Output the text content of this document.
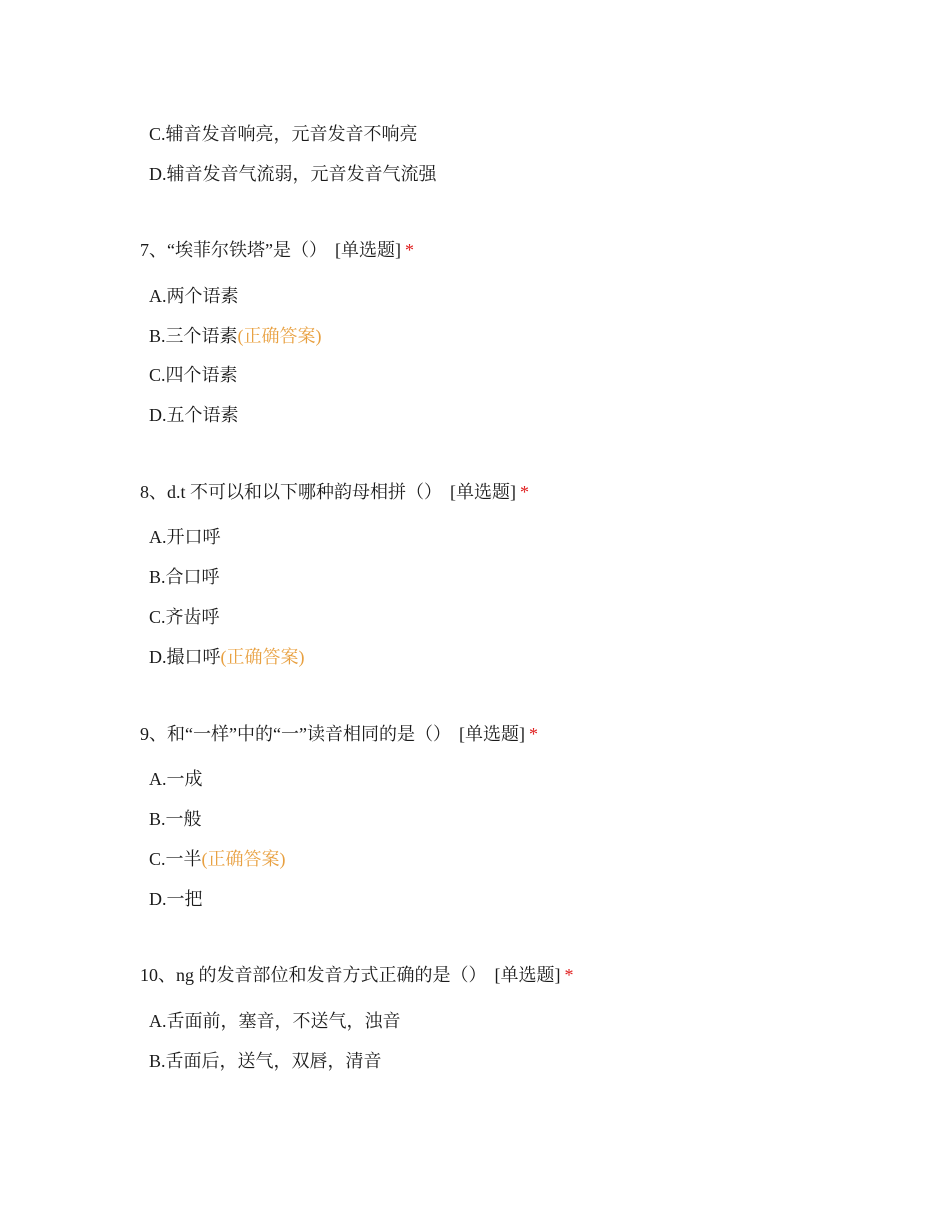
C.辅音发音响亮，元音发音不响亮
D.辅音发音气流弱，元音发音气流强
7、“埃菲尔铁塔”是（） [单选题] *
A.两个语素
B.三个语素(正确答案)
C.四个语素
D.五个语素
8、d.t 不可以和以下哪种韵母相拼（） [单选题] *
A.开口呼
B.合口呼
C.齐齿呼
D.撮口呼(正确答案)
9、和“一样”中的“一”读音相同的是（） [单选题] *
A.一成
B.一般
C.一半(正确答案)
D.一把
10、ng 的发音部位和发音方式正确的是（） [单选题] *
A.舌面前，塞音，不送气，浊音
B.舌面后，送气，双唇，清音
